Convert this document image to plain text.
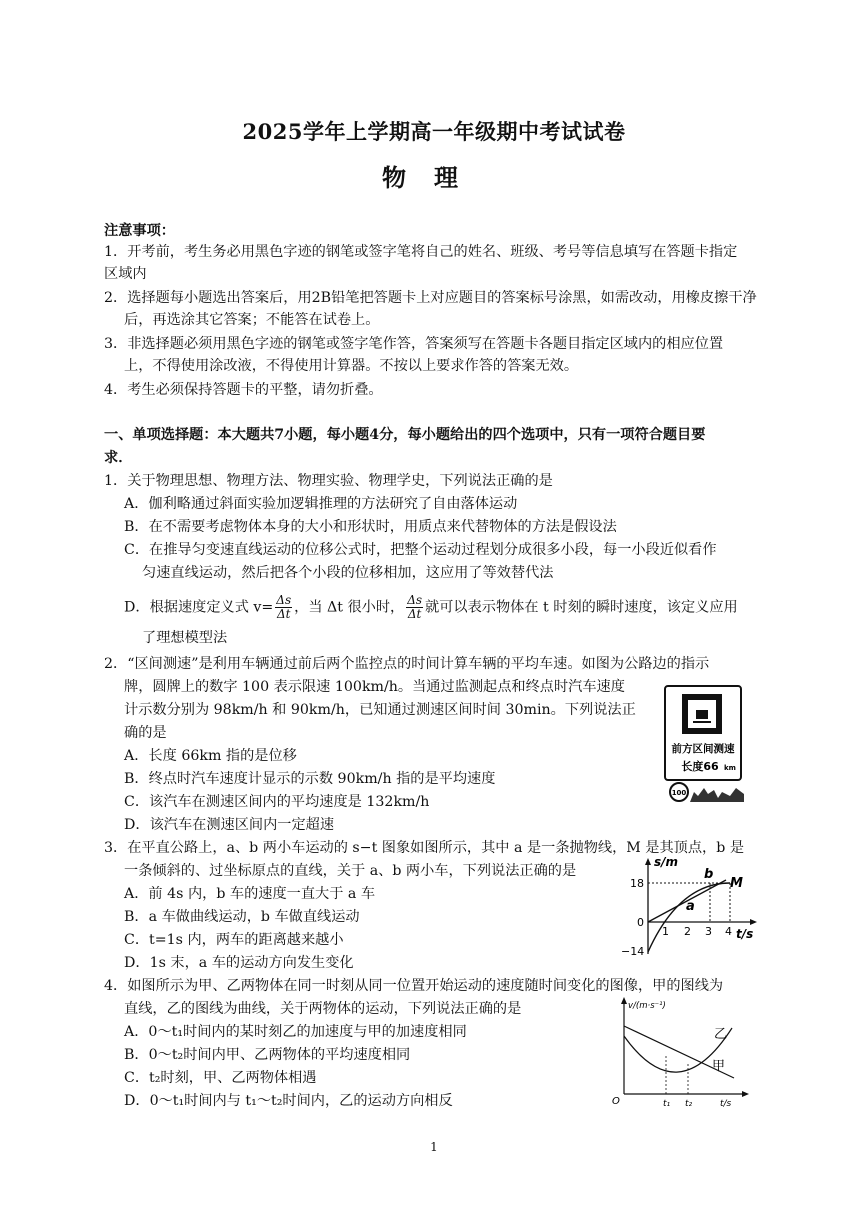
2025学年上学期高一年级期中考试试卷
物理
注意事项：
1．开考前，考生务必用黑色字迹的钢笔或签字笔将自己的姓名、班级、考号等信息填写在答题卡指定
区域内
2．选择题每小题选出答案后，用2B铅笔把答题卡上对应题目的答案标号涂黑，如需改动，用橡皮擦干净
后，再选涂其它答案；不能答在试卷上。
3．非选择题必须用黑色字迹的钢笔或签字笔作答，答案须写在答题卡各题目指定区域内的相应位置
上，不得使用涂改液，不得使用计算器。不按以上要求作答的答案无效。
4．考生必须保持答题卡的平整，请勿折叠。
一、单项选择题：本大题共7小题，每小题4分，每小题给出的四个选项中，只有一项符合题目要
求．
1．关于物理思想、物理方法、物理实验、物理学史，下列说法正确的是
A．伽利略通过斜面实验加逻辑推理的方法研究了自由落体运动
B．在不需要考虑物体本身的大小和形状时，用质点来代替物体的方法是假设法
C．在推导匀变速直线运动的位移公式时，把整个运动过程划分成很多小段，每一小段近似看作
匀速直线运动，然后把各个小段的位移相加，这应用了等效替代法
D．根据速度定义式 $v= \frac{\Delta s}{\Delta t}$ ，当 Δt 很小时， $\frac{\Delta s}{\Delta t}$ 就可以表示物体在 t 时刻的瞬时速度，该定义应用
了理想模型法
2．“区间测速”是利用车辆通过前后两个监控点的时间计算车辆的平均车速。如图为公路边的指示
牌，圆牌上的数字 100 表示限速 100km/h。当通过监测起点和终点时汽车速度
计示数分别为 98km/h 和 90km/h，已知通过测速区间时间 30min。下列说法正
确的是
A．长度 66km 指的是位移
B．终点时汽车速度计显示的示数 90km/h 指的是平均速度
C．该汽车在测速区间内的平均速度是 132km/h
D．该汽车在测速区间内一定超速
前方区间测速
长度66 km
100
3．在平直公路上，a、b 两小车运动的 s−t 图象如图所示，其中 a 是一条抛物线，M 是其顶点，b 是
一条倾斜的、过坐标原点的直线，关于 a、b 两小车，下列说法正确的是
A．前 4s 内，b 车的速度一直大于 a 车
B．a 车做曲线运动，b 车做直线运动
C．t=1s 内，两车的距离越来越小
D．1s 末，a 车的运动方向发生变化
s/m
t/s
18
0
−14
1 2 3 4
a
b
M
4．如图所示为甲、乙两物体在同一时刻从同一位置开始运动的速度随时间变化的图像，甲的图线为
直线，乙的图线为曲线，关于两物体的运动，下列说法正确的是
A．0～t₁时间内的某时刻乙的加速度与甲的加速度相同
B．0～t₂时间内甲、乙两物体的平均速度相同
C．t₂时刻，甲、乙两物体相遇
D．0～t₁时间内与 t₁～t₂时间内，乙的运动方向相反
v/(m·s⁻¹)
t/s
O	t₁ t₂
乙
甲
1
